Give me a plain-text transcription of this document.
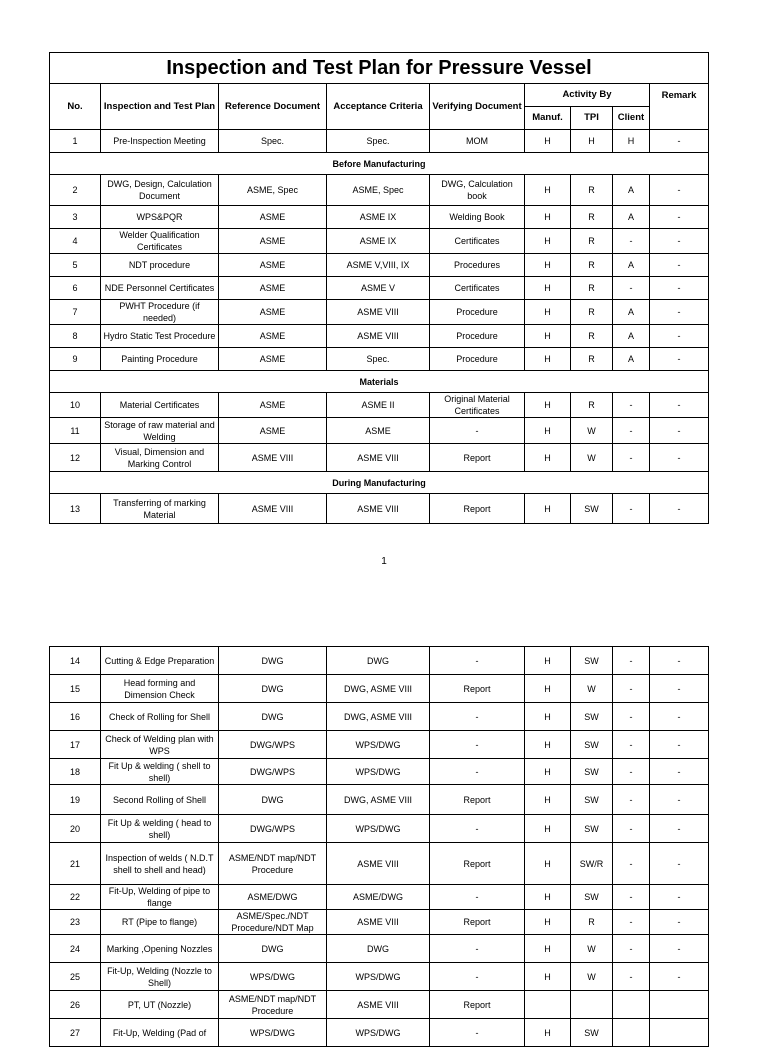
Inspection and Test Plan for Pressure Vessel								
No.	Inspection and Test Plan	Reference Document	Acceptance Criteria	Verifying Document	Activity By			Remark
					Manuf.	TPI	Client	
1	Pre-Inspection Meeting	Spec.	Spec.	MOM	H	H	H	-
Before Manufacturing								
2	DWG, Design, Calculation Document	ASME, Spec	ASME, Spec	DWG, Calculation book	H	R	A	-
3	WPS&PQR	ASME	ASME IX	Welding Book	H	R	A	-
4	Welder Qualification Certificates	ASME	ASME IX	Certificates	H	R	-	-
5	NDT procedure	ASME	ASME V,VIII, IX	Procedures	H	R	A	-
6	NDE Personnel Certificates	ASME	ASME V	Certificates	H	R	-	-
7	PWHT Procedure (if needed)	ASME	ASME VIII	Procedure	H	R	A	-
8	Hydro Static Test Procedure	ASME	ASME VIII	Procedure	H	R	A	-
9	Painting Procedure	ASME	Spec.	Procedure	H	R	A	-
Materials								
10	Material Certificates	ASME	ASME II	Original Material Certificates	H	R	-	-
11	Storage of raw material and Welding	ASME	ASME	-	H	W	-	-
12	Visual, Dimension and Marking Control	ASME VIII	ASME VIII	Report	H	W	-	-
During Manufacturing								
13	Transferring of marking Material	ASME VIII	ASME VIII	Report	H	SW	-	-
1
14	Cutting & Edge Preparation	DWG	DWG	-	H	SW	-	-
15	Head forming and Dimension Check	DWG	DWG, ASME VIII	Report	H	W	-	-
16	Check of Rolling for Shell	DWG	DWG, ASME VIII	-	H	SW	-	-
17	Check of Welding plan with WPS	DWG/WPS	WPS/DWG	-	H	SW	-	-
18	Fit Up & welding ( shell to shell)	DWG/WPS	WPS/DWG	-	H	SW	-	-
19	Second Rolling of Shell	DWG	DWG, ASME VIII	Report	H	SW	-	-
20	Fit Up & welding ( head to shell)	DWG/WPS	WPS/DWG	-	H	SW	-	-
21	Inspection of welds ( N.D.T shell to shell and head)	ASME/NDT map/NDT Procedure	ASME VIII	Report	H	SW/R	-	-
22	Fit-Up, Welding of pipe to flange	ASME/DWG	ASME/DWG	-	H	SW	-	-
23	RT (Pipe to flange)	ASME/Spec./NDT Procedure/NDT Map	ASME VIII	Report	H	R	-	-
24	Marking ,Opening Nozzles	DWG	DWG	-	H	W	-	-
25	Fit-Up, Welding (Nozzle to Shell)	WPS/DWG	WPS/DWG	-	H	W	-	-
26	PT, UT (Nozzle)	ASME/NDT map/NDT Procedure	ASME VIII	Report				
27	Fit-Up, Welding (Pad of	WPS/DWG	WPS/DWG	-	H	SW		
